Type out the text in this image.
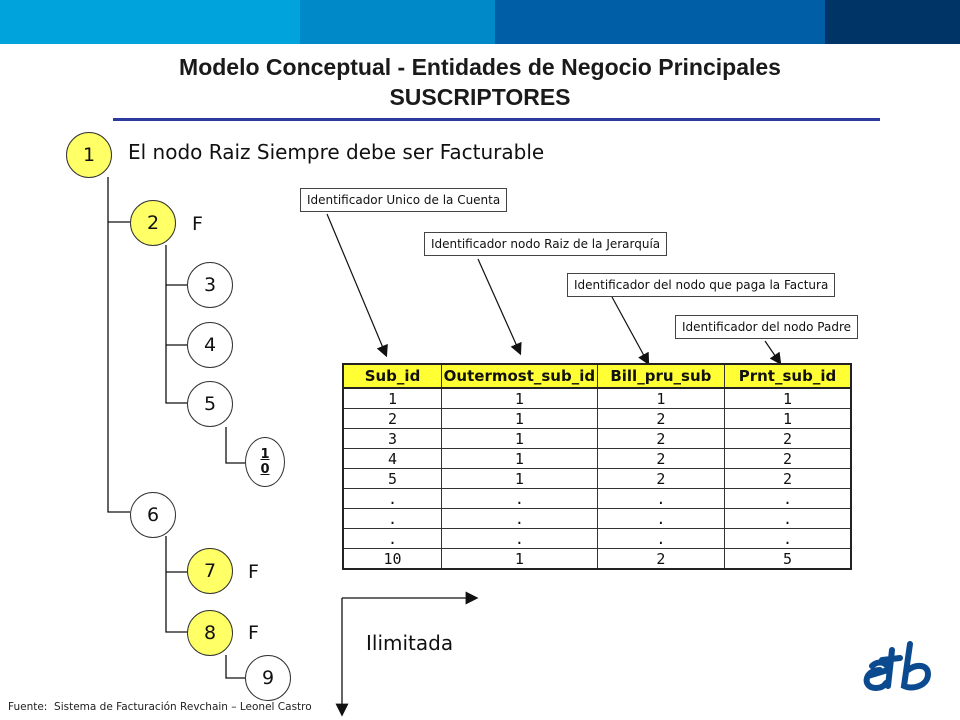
Modelo Conceptual - Entidades de Negocio Principales
SUSCRIPTORES
El nodo Raiz Siempre debe ser Facturable
1
2	F
3
4
5
1
0
6
7	F
8	F
9
Identificador Unico de la Cuenta
Identificador nodo Raiz de la Jerarquía
Identificador del nodo que paga la Factura
Identificador del nodo Padre
Sub_id	Outermost_sub_id	Bill_pru_sub	Prnt_sub_id
1	1	1	1
2	1	2	1
3	1	2	2
4	1	2	2
5	1	2	2
.	.	.	.
.	.	.	.
.	.	.	.
10	1	2	5
Ilimitada
Fuente:  Sistema de Facturación Revchain – Leonel Castro
